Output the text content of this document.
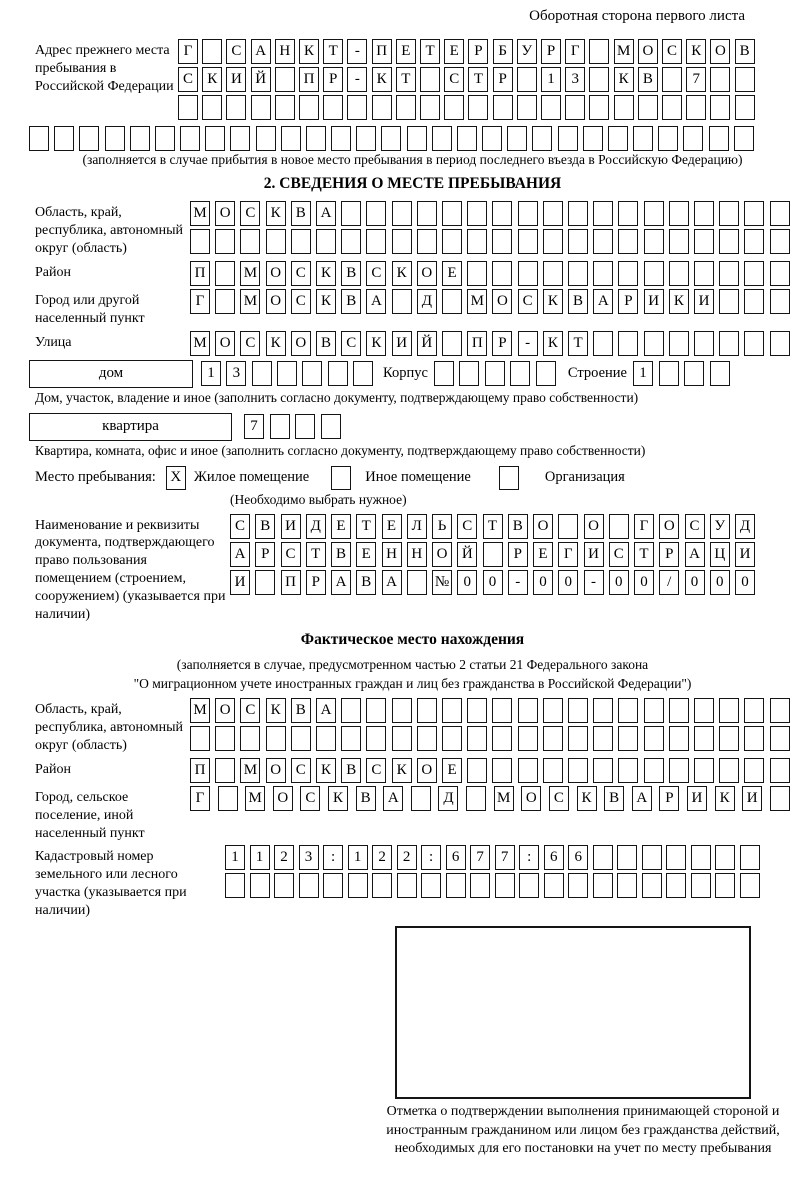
Оборотная сторона первого листа
Адрес прежнего места пребывания в Российской Федерации
Г	С А Н К Т	-	П Е	Т	Е	Р	Б У Р	Г	М О С К О В
С К И Й	П Р	-	К Т	С Т	Р	1	3	К В	7
(заполняется в случае прибытия в новое место пребывания в период последнего въезда в Российскую Федерацию)
2. СВЕДЕНИЯ О МЕСТЕ ПРЕБЫВАНИЯ
Область, край, республика, автономный округ (область)
М О С	К	В А
Район	П	М О С	К	В	С	К О	Е
Город или другой населенный пункт
Г	М О С	К	В А	Д	М О С	К	В А	Р	И К И
Улица	М О С	К О В	С	К И Й	П	Р	-	К	Т
дом	1	3	Корпус	Строение 1
Дом, участок, владение и иное (заполнить согласно документу, подтверждающему право собственности)
квартира	7
Квартира, комната, офис и иное (заполнить согласно документу, подтверждающему право собственности)
Место пребывания: X Жилое помещение	Иное помещение	Организация
(Необходимо выбрать нужное)
Наименование и реквизиты документа, подтверждающего право пользования помещением (строением, сооружением) (указывается при наличии)
С	В И Д	Е	Т	Е	Л	Ь	С	Т	В О	О	Г	О С У Д
А	Р	С	Т	В	Е	Н Н О Й	Р	Е	Г	И С	Т	Р	А Ц И
И	П	Р	А В А	№ 0	0	-	0	0	-	0	0	/	0	0	0
Фактическое место нахождения
(заполняется в случае, предусмотренном частью 2 статьи 21 Федерального закона
"О миграционном учете иностранных граждан и лиц без гражданства в Российской Федерации")
Область, край, республика, автономный округ (область)
М О С	К	В А
Район	П	М О С	К	В	С	К О	Е
Город, сельское поселение, иной населенный пункт
Г	М	О	С	К	В	А	Д	М	О	С	К	В	А	Р	И	К	И
Кадастровый номер земельного или лесного участка (указывается при наличии)
1	1	2	3	:	1	2	2	:	6	7	7	:	6	6
Отметка о подтверждении выполнения принимающей стороной и иностранным гражданином или лицом без гражданства действий, необходимых для его постановки на учет по месту пребывания
